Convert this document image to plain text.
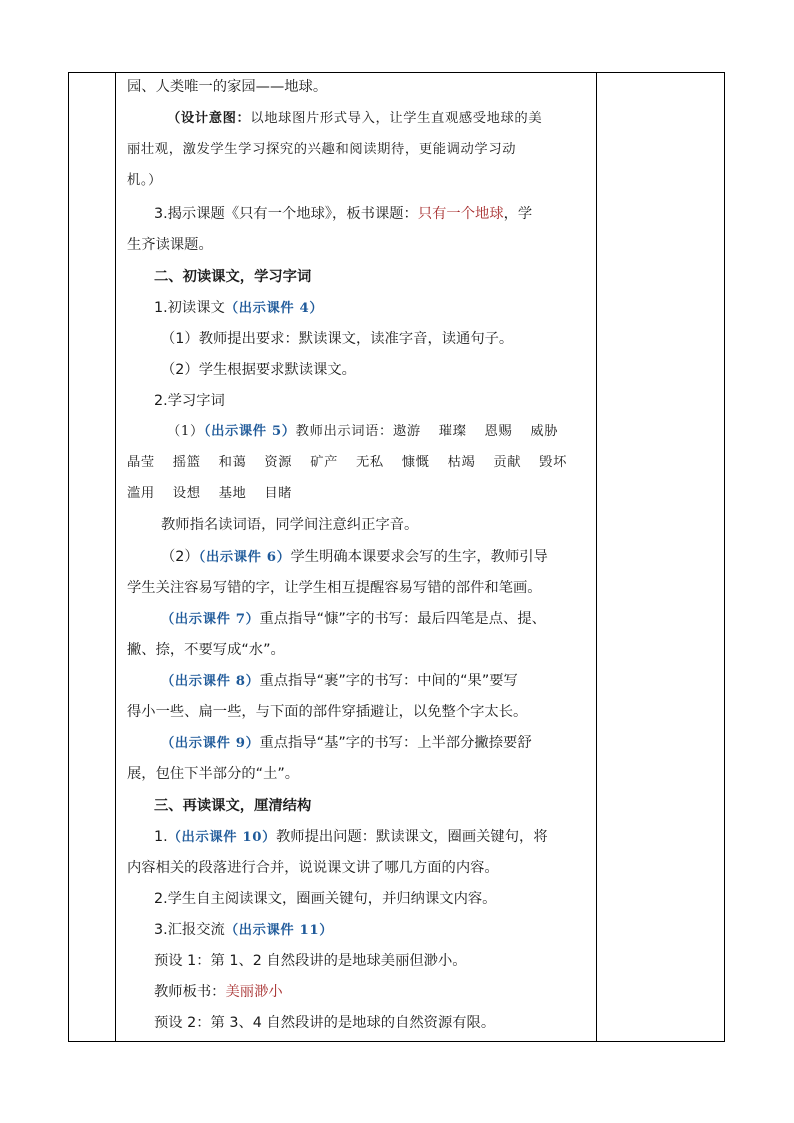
园、人类唯一的家园——地球。
（设计意图：以地球图片形式导入，让学生直观感受地球的美
丽壮观，激发学生学习探究的兴趣和阅读期待，更能调动学习动
机。）
3.揭示课题《只有一个地球》，板书课题：只有一个地球，学
生齐读课题。
二、初读课文，学习字词
1.初读课文（出示课件 4）
（1）教师提出要求：默读课文，读准字音，读通句子。
（2）学生根据要求默读课文。
2.学习字词
（1）（出示课件 5）教师出示词语：遨游 璀璨 恩赐 威胁
晶莹 摇篮 和蔼 资源 矿产 无私 慷慨 枯竭 贡献 毁坏
滥用 设想 基地 目睹
教师指名读词语，同学间注意纠正字音。
（2）（出示课件 6）学生明确本课要求会写的生字，教师引导
学生关注容易写错的字，让学生相互提醒容易写错的部件和笔画。
（出示课件 7）重点指导“慷”字的书写：最后四笔是点、提、
撇、捺，不要写成“水”。
（出示课件 8）重点指导“裹”字的书写：中间的“果”要写
得小一些、扁一些，与下面的部件穿插避让，以免整个字太长。
（出示课件 9）重点指导“基”字的书写：上半部分撇捺要舒
展，包住下半部分的“土”。
三、再读课文，厘清结构
1.（出示课件 10）教师提出问题：默读课文，圈画关键句，将
内容相关的段落进行合并，说说课文讲了哪几方面的内容。
2.学生自主阅读课文，圈画关键句，并归纳课文内容。
3.汇报交流（出示课件 11）
预设 1：第 1、2 自然段讲的是地球美丽但渺小。
教师板书：美丽渺小
预设 2：第 3、4 自然段讲的是地球的自然资源有限。
